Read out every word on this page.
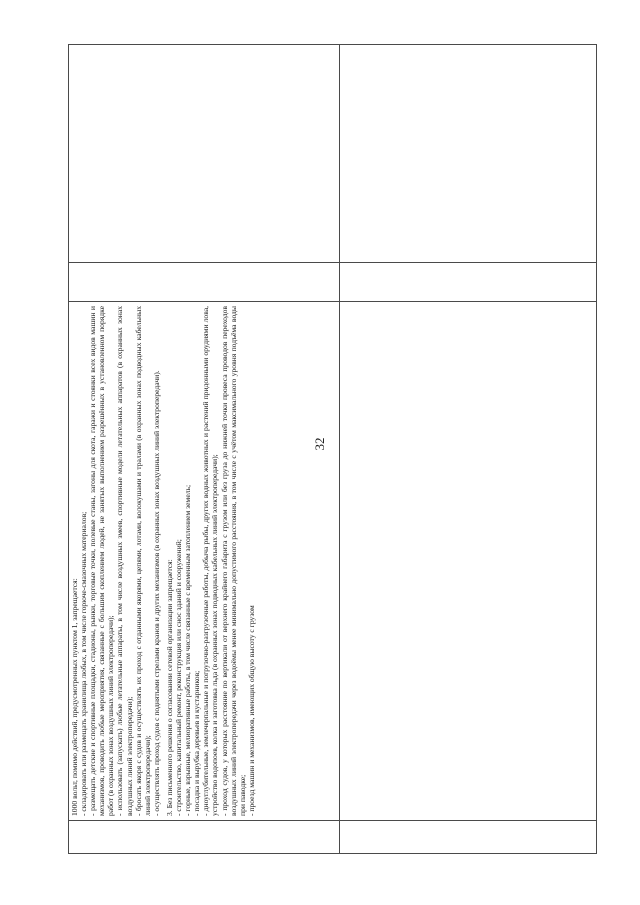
32

1000 вольт, помимо действий, предусмотренных пунктом 1, запрещается: - складировать или размещать хранилища любых, в том числе горюче-смазочных материалов; - размещать детские и спортивные площадки, стадионы, рынки, торговые точки, полевые станы, загоны для скота, гаражи и стоянки всех видов машин и механизмов, проводить любые мероприятия, связанные с большим скоплением людей, не занятых выполнением разрешённых в установленном порядке работ (в охранных зонах воздушных линий электропередачи); - использовать (запускать) любые летательные аппараты, в том числе воздушных змеев, спортивные модели летательных аппаратов (в охранных зонах воздушных линий электропередачи); - бросать якоря с судов и осуществлять их проход с отданными якорями, цепями, лотами, волокушами и тралами (в охранных зонах подводных кабельных линий электропередачи); - осуществлять проход судов с поднятыми стрелами кранов и других механизмов (в охранных зонах воздушных линий электропередачи). 3. Без письменного решения о согласовании сетевой организации запрещается: - строительство, капитальный ремонт, реконструкция или снос зданий и сооружений; - горные, взрывные, мелиоративные работы, в том числе связанные с временным затоплением земель; - посадка и вырубка деревьев и кустарников; - дноуглубительные, землечерпальные и погрузочно-разгрузочные работы, добыча рыбы, других водных животных и растений придонными орудиями лова, устройство водопоев, колка и заготовка льда (в охранных зонах подводных кабельных линий электропередачи); - проход судов, у которых расстояние по вертикали от верхнего крайнего габарита с грузом или без груза до нижней точки провеса проводов переходов воздушных линий электропередачи через водоёмы менее минимально допустимого расстояния, в том числе с учётом максимального уровня подъёма воды при паводке; - проезд машин и механизмов, имеющих общую высоту с грузом
